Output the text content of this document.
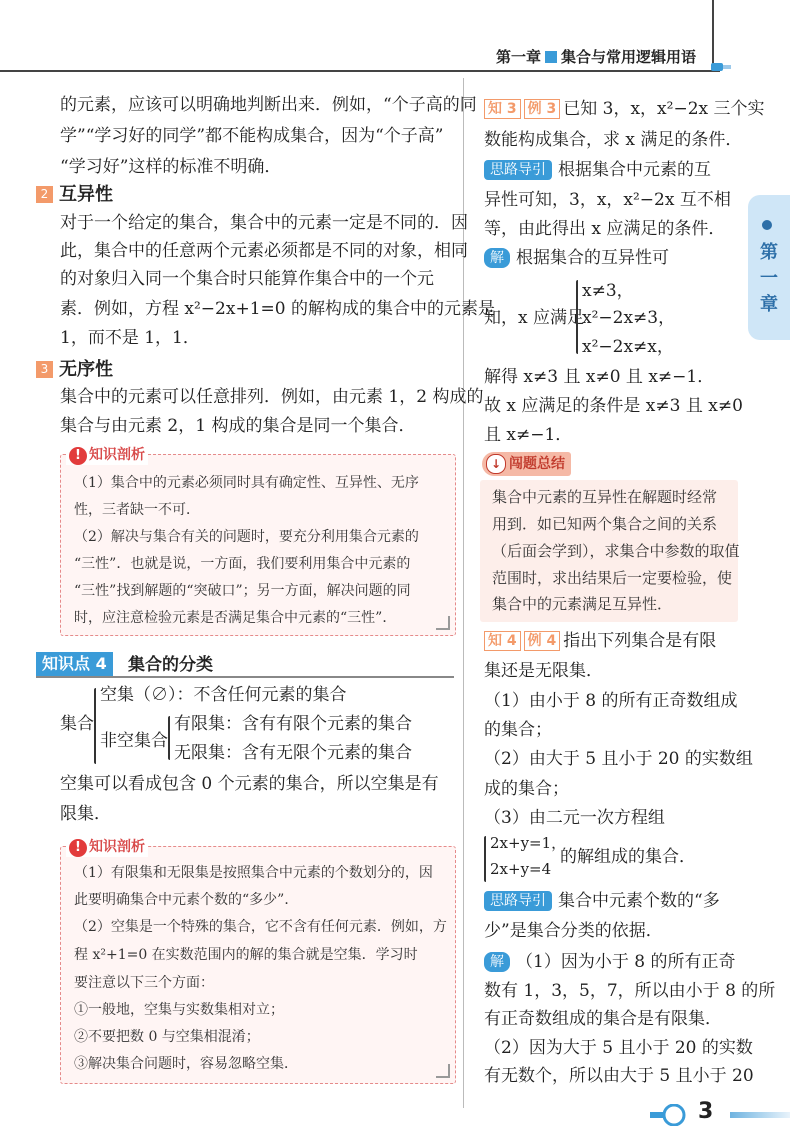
第一章 集合与常用逻辑用语
第一章
的元素，应该可以明确地判断出来．例如，“个子高的同
学”“学习好的同学”都不能构成集合，因为“个子高”
“学习好”这样的标准不明确．
2 互异性
对于一个给定的集合，集合中的元素一定是不同的．因
此，集合中的任意两个元素必须都是不同的对象，相同
的对象归入同一个集合时只能算作集合中的一个元
素．例如，方程 x²−2x+1=0 的解构成的集合中的元素是
1，而不是 1，1．
3 无序性
集合中的元素可以任意排列．例如，由元素 1，2 构成的
集合与由元素 2，1 构成的集合是同一个集合．
! 知识剖析
（1）集合中的元素必须同时具有确定性、互异性、无序
性，三者缺一不可．
（2）解决与集合有关的问题时，要充分利用集合元素的
“三性”．也就是说，一方面，我们要利用集合中元素的
“三性”找到解题的“突破口”；另一方面，解决问题的同
时，应注意检验元素是否满足集合中元素的“三性”．
知识点 4	集合的分类
集合
空集（∅）：不含任何元素的集合
非空集合
有限集：含有有限个元素的集合
无限集：含有无限个元素的集合
空集可以看成包含 0 个元素的集合，所以空集是有
限集．
! 知识剖析
（1）有限集和无限集是按照集合中元素的个数划分的，因
此要明确集合中元素个数的“多少”．
（2）空集是一个特殊的集合，它不含有任何元素．例如，方
程 x²+1=0 在实数范围内的解的集合就是空集．学习时
要注意以下三个方面：
①一般地，空集与实数集相对立；
②不要把数 0 与空集相混淆；
③解决集合问题时，容易忽略空集．
知 3 例 3 已知 3，x，x²−2x 三个实
数能构成集合，求 x 满足的条件．
思路导引 根据集合中元素的互
异性可知，3，x，x²−2x 互不相
等，由此得出 x 应满足的条件．
解 根据集合的互异性可
知，x 应满足
x≠3，
x²−2x≠3，
x²−2x≠x，
解得 x≠3 且 x≠0 且 x≠−1．
故 x 应满足的条件是 x≠3 且 x≠0
且 x≠−1．
↓ 闯题总结
集合中元素的互异性在解题时经常
用到．如已知两个集合之间的关系
（后面会学到），求集合中参数的取值
范围时，求出结果后一定要检验，使
集合中的元素满足互异性．
知 4 例 4 指出下列集合是有限
集还是无限集．
（1）由小于 8 的所有正奇数组成
的集合；
（2）由大于 5 且小于 20 的实数组
成的集合；
（3）由二元一次方程组
2x+y=1，
2x+y=4
的解组成的集合．
思路导引 集合中元素个数的“多
少”是集合分类的依据．
解 （1）因为小于 8 的所有正奇
数有 1，3，5，7，所以由小于 8 的所
有正奇数组成的集合是有限集．
（2）因为大于 5 且小于 20 的实数
有无数个，所以由大于 5 且小于 20
3
